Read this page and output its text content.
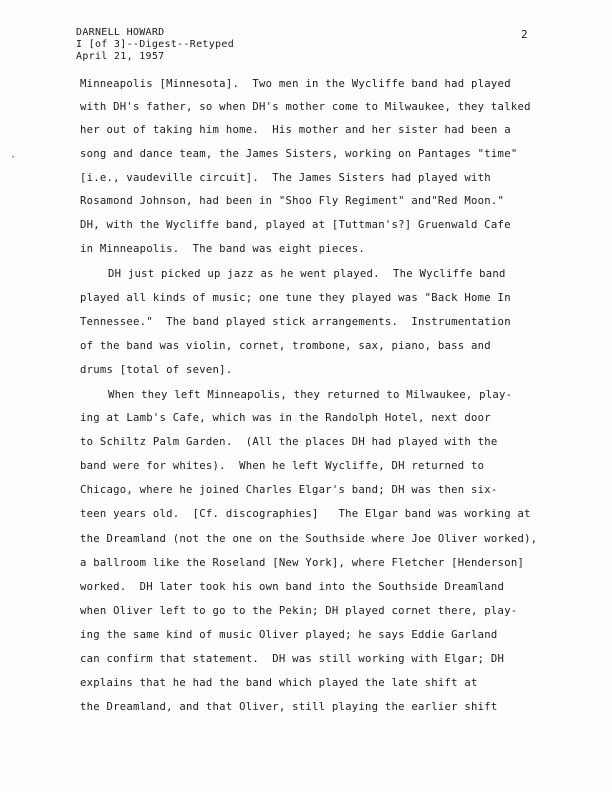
DARNELL HOWARD
I [of 3]--Digest--Retyped
April 21, 1957
2
·
Minneapolis [Minnesota].  Two men in the Wycliffe band had played
with DH's father, so when DH's mother come to Milwaukee, they talked
her out of taking him home.  His mother and her sister had been a
song and dance team, the James Sisters, working on Pantages "time"
[i.e., vaudeville circuit].  The James Sisters had played with
Rosamond Johnson, had been in "Shoo Fly Regiment" and"Red Moon."
DH, with the Wycliffe band, played at [Tuttman's?] Gruenwald Cafe
in Minneapolis.  The band was eight pieces.
DH just picked up jazz as he went played.  The Wycliffe band
played all kinds of music; one tune they played was "Back Home In
Tennessee."  The band played stick arrangements.  Instrumentation
of the band was violin, cornet, trombone, sax, piano, bass and
drums [total of seven].
When they left Minneapolis, they returned to Milwaukee, play-
ing at Lamb's Cafe, which was in the Randolph Hotel, next door
to Schiltz Palm Garden.  (All the places DH had played with the
band were for whites).  When he left Wycliffe, DH returned to
Chicago, where he joined Charles Elgar's band; DH was then six-
teen years old.  [Cf. discographies]   The Elgar band was working at
the Dreamland (not the one on the Southside where Joe Oliver worked),
a ballroom like the Roseland [New York], where Fletcher [Henderson]
worked.  DH later took his own band into the Southside Dreamland
when Oliver left to go to the Pekin; DH played cornet there, play-
ing the same kind of music Oliver played; he says Eddie Garland
can confirm that statement.  DH was still working with Elgar; DH
explains that he had the band which played the late shift at
the Dreamland, and that Oliver, still playing the earlier shift
